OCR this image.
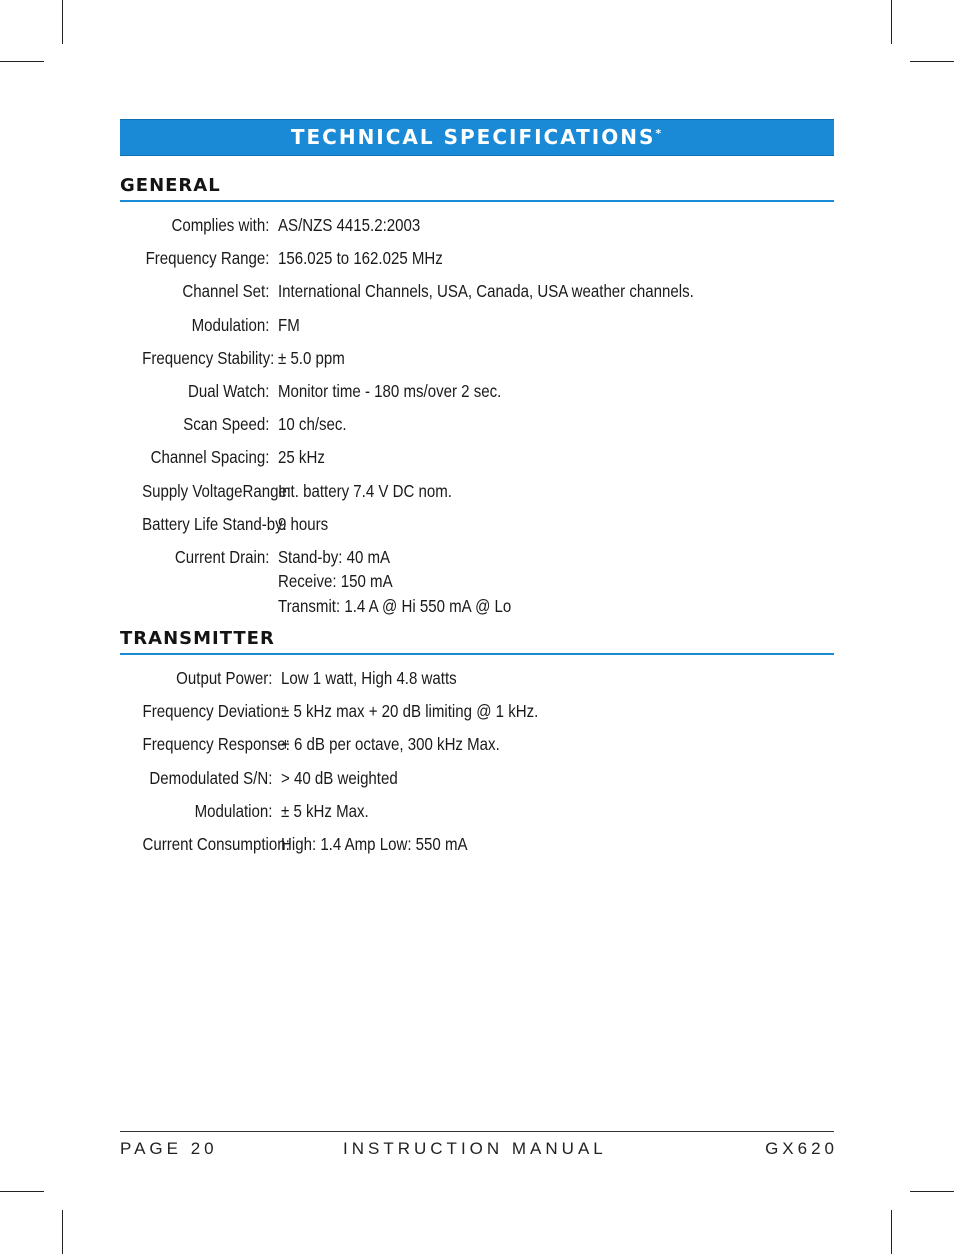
TECHNICAL SPECIFICATIONS*
GENERAL
Complies with: AS/NZS 4415.2:2003
Frequency Range: 156.025 to 162.025 MHz
Channel Set: International Channels, USA, Canada, USA weather channels.
Modulation: FM
Frequency Stability: ± 5.0 ppm
Dual Watch: Monitor time - 180 ms/over 2 sec.
Scan Speed: 10 ch/sec.
Channel Spacing: 25 kHz
Supply VoltageRange:
Int. battery 7.4 V DC nom.
Battery Life Stand-by:
9 hours
Current Drain: Stand-by: 40 mA
Receive: 150 mA
Transmit: 1.4 A @ Hi 550 mA @ Lo
TRANSMITTER
Output Power: Low 1 watt, High 4.8 watts
Frequency Deviation:
± 5 kHz max + 20 dB limiting @ 1 kHz.
Frequency Response:
+ 6 dB per octave, 300 kHz Max.
Demodulated S/N: > 40 dB weighted
Modulation: ± 5 kHz Max.
Current Consumption:
High: 1.4 Amp Low: 550 mA
PAGE 20	INSTRUCTION MANUAL	GX620
